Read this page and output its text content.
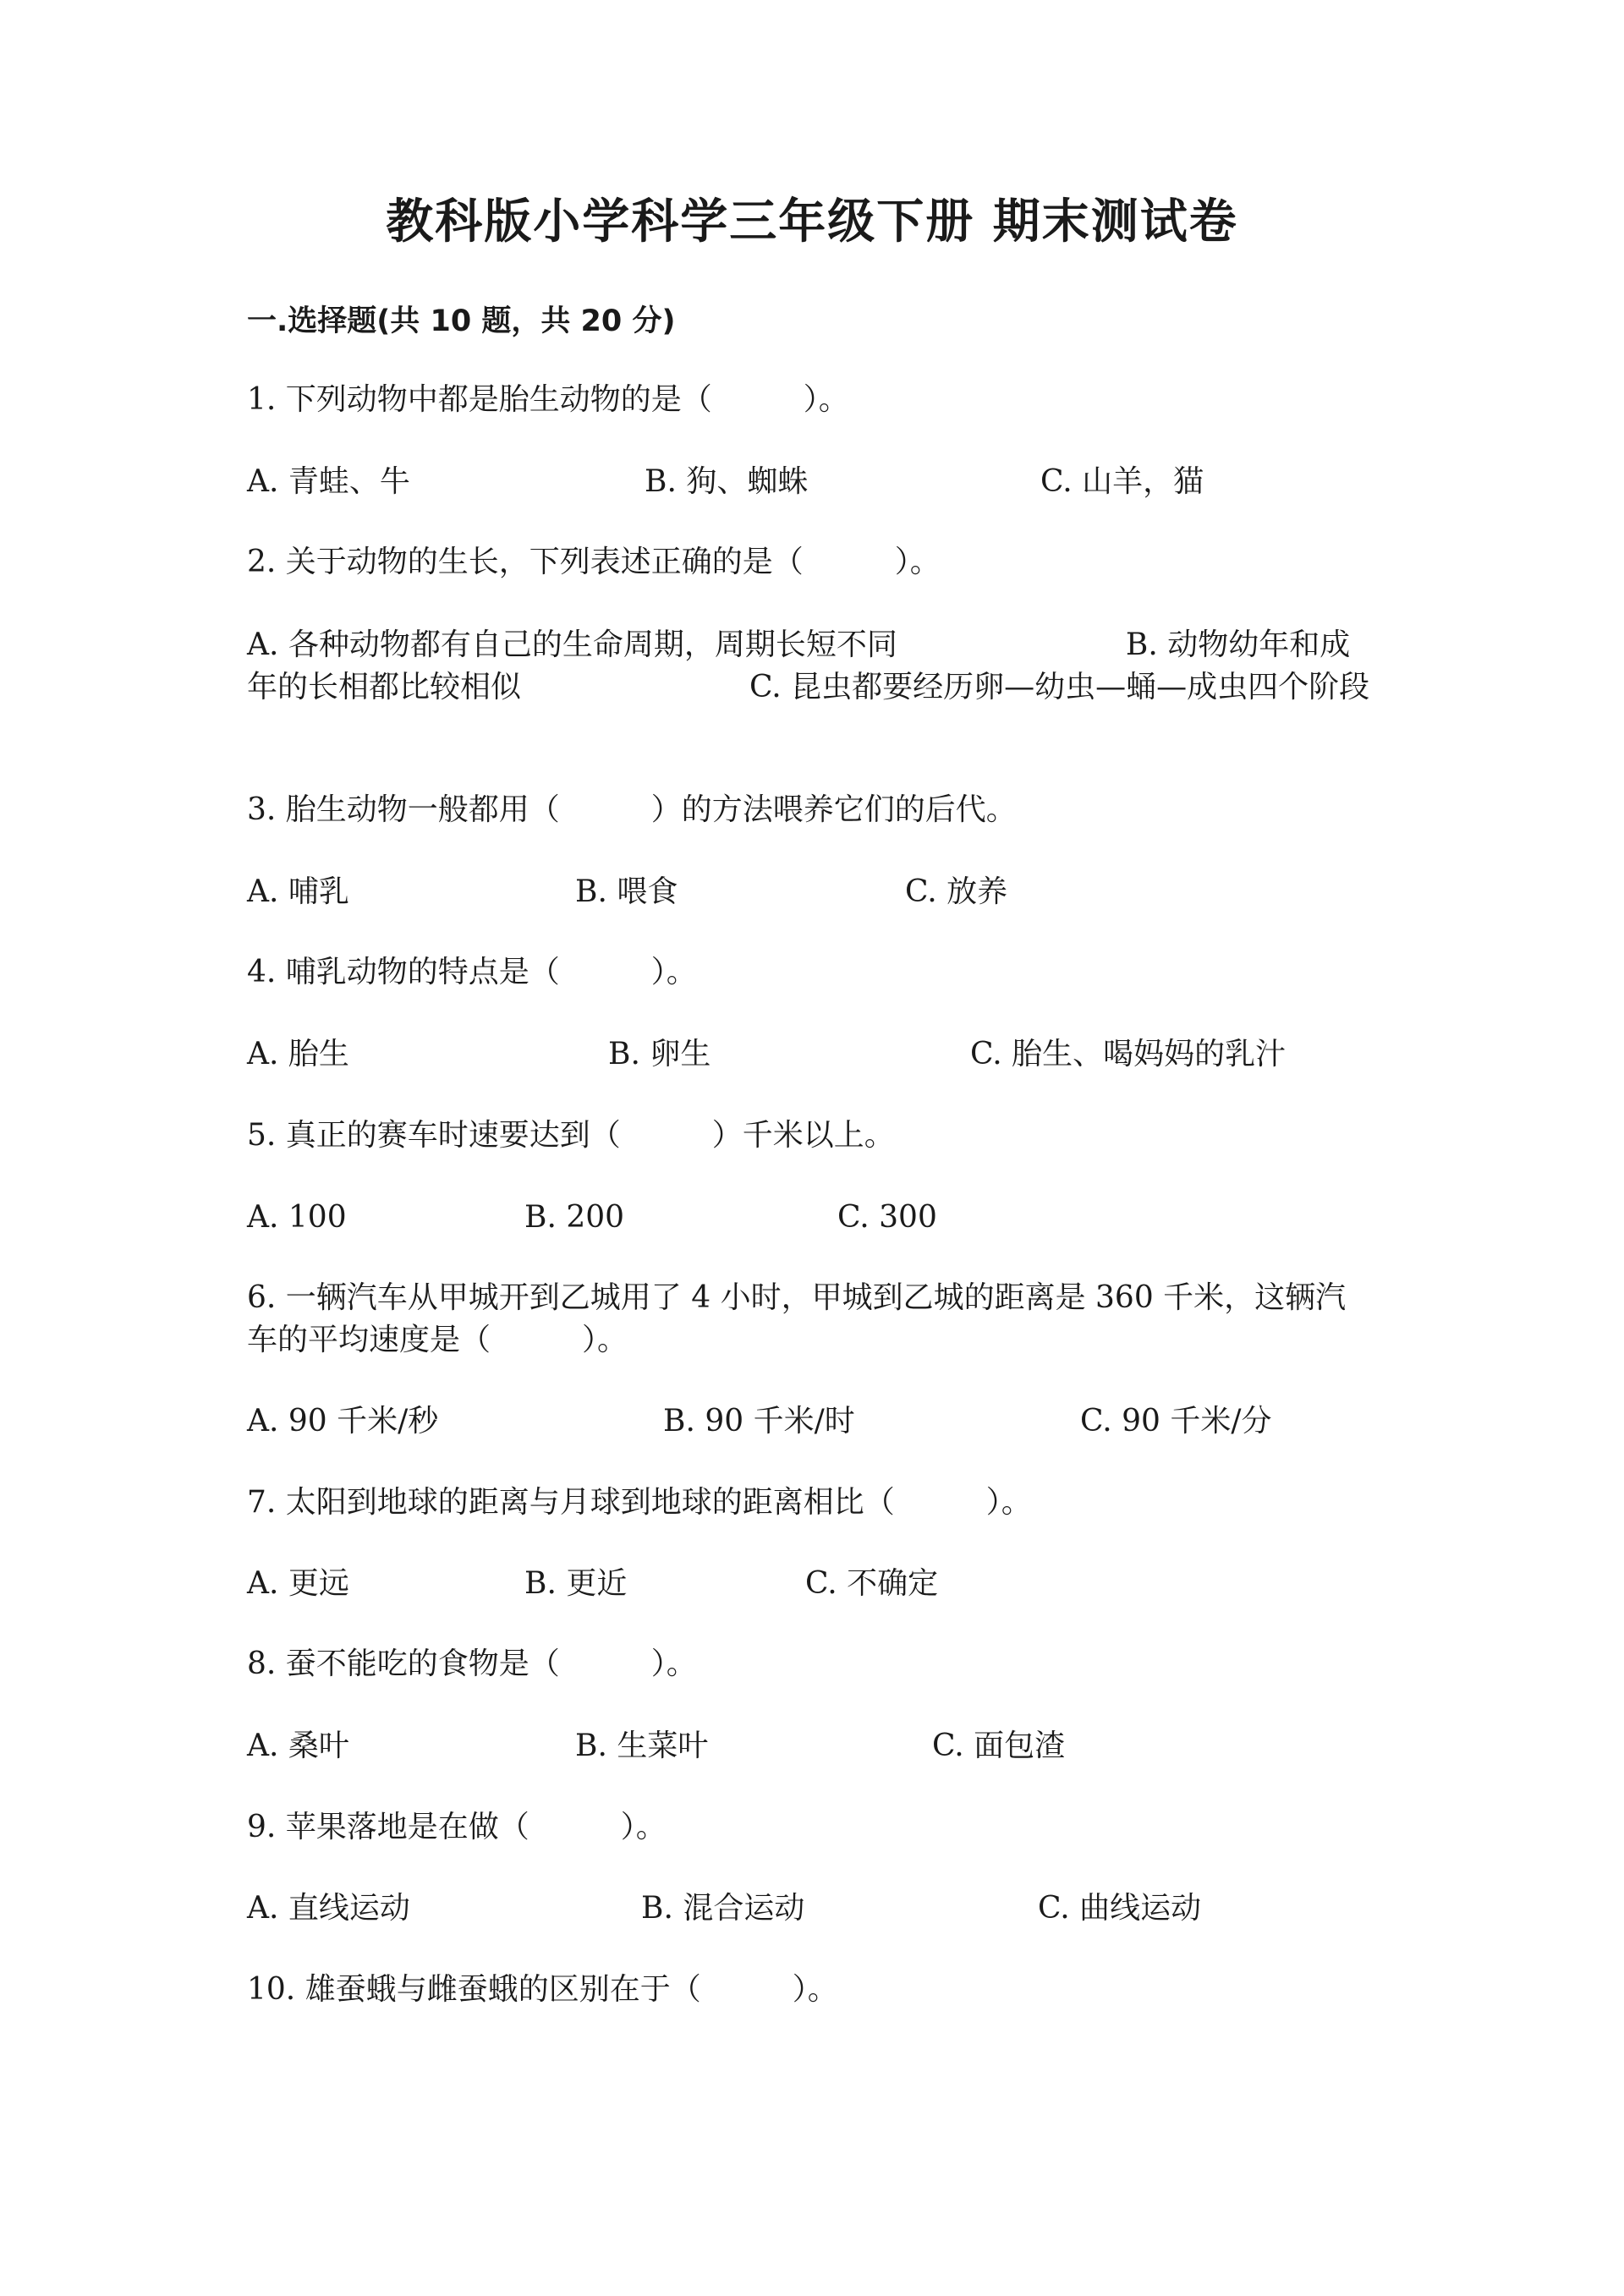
教科版小学科学三年级下册 期末测试卷
一.选择题(共 10 题，共 20 分)
1. 下列动物中都是胎生动物的是（　　　）。
A. 青蛙、牛	B. 狗、蜘蛛	C. 山羊，猫
2. 关于动物的生长，下列表述正确的是（　　　）。
A. 各种动物都有自己的生命周期，周期长短不同	B. 动物幼年和成年的长相都比较相似	C. 昆虫都要经历卵—幼虫—蛹—成虫四个阶段
3. 胎生动物一般都用（　　　）的方法喂养它们的后代。
A. 哺乳	B. 喂食	C. 放养
4. 哺乳动物的特点是（　　　）。
A. 胎生	B. 卵生	C. 胎生、喝妈妈的乳汁
5. 真正的赛车时速要达到（　　　）千米以上。
A. 100	B. 200	C. 300
6. 一辆汽车从甲城开到乙城用了 4 小时，甲城到乙城的距离是 360 千米，这辆汽车的平均速度是（　　　）。
A. 90 千米/秒	B. 90 千米/时	C. 90 千米/分
7. 太阳到地球的距离与月球到地球的距离相比（　　　）。
A. 更远	B. 更近	C. 不确定
8. 蚕不能吃的食物是（　　　）。
A. 桑叶	B. 生菜叶	C. 面包渣
9. 苹果落地是在做（　　　）。
A. 直线运动	B. 混合运动	C. 曲线运动
10. 雄蚕蛾与雌蚕蛾的区别在于（　　　）。
